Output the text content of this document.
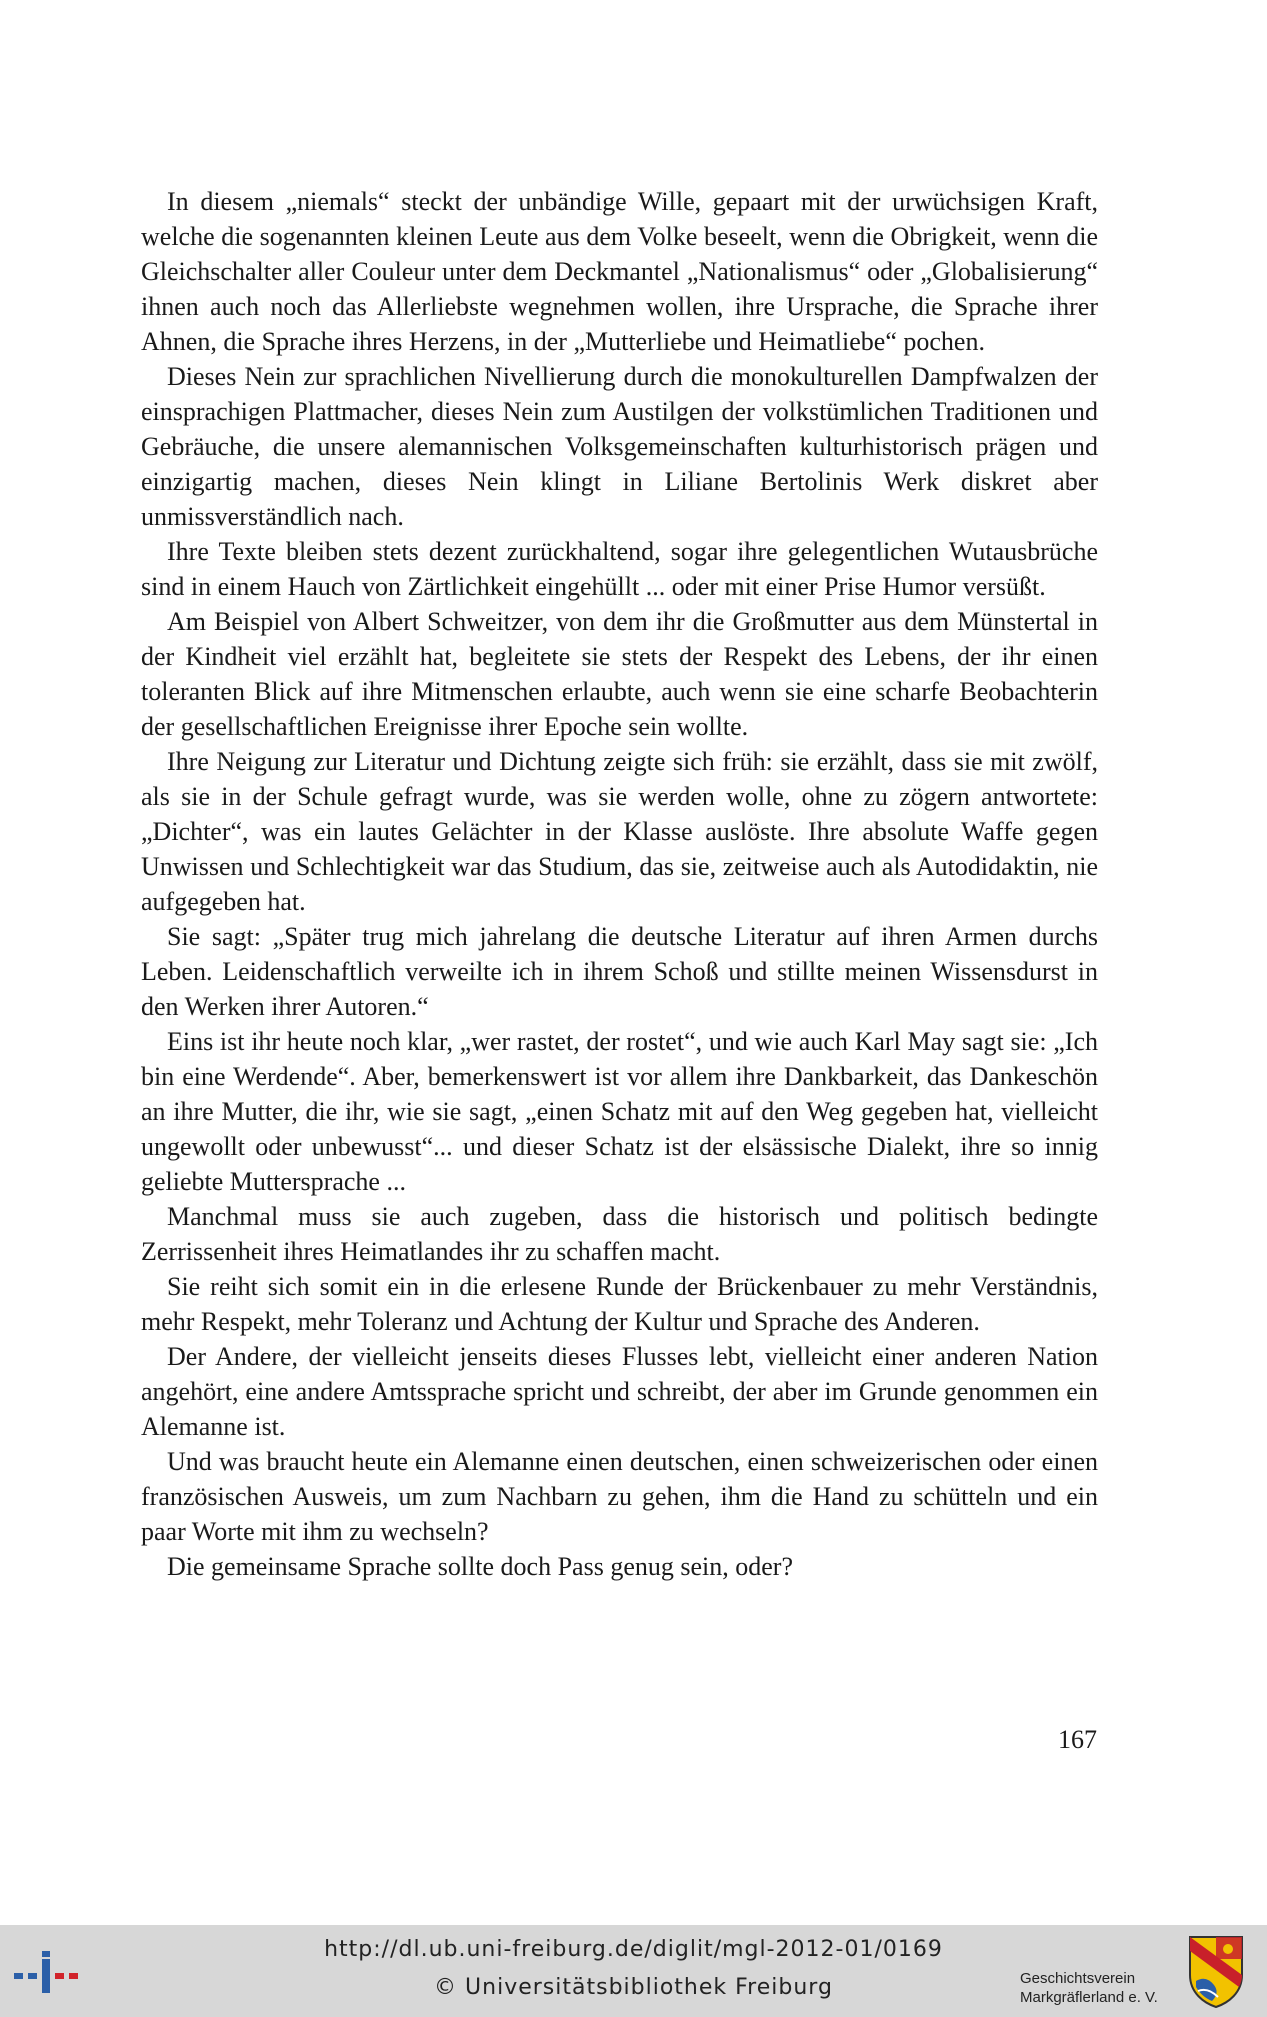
In diesem „niemals“ steckt der unbändige Wille, gepaart mit der urwüchsigen Kraft, welche die sogenannten kleinen Leute aus dem Volke beseelt, wenn die Obrigkeit, wenn die Gleichschalter aller Couleur unter dem Deckmantel „Nationalismus“ oder „Globalisierung“ ihnen auch noch das Allerliebste wegnehmen wollen, ihre Ursprache, die Sprache ihrer Ahnen, die Sprache ihres Herzens, in der „Mutterliebe und Heimatliebe“ pochen.

Dieses Nein zur sprachlichen Nivellierung durch die monokulturellen Dampfwalzen der einsprachigen Plattmacher, dieses Nein zum Austilgen der volkstümlichen Traditionen und Gebräuche, die unsere alemannischen Volksgemeinschaften kulturhistorisch prägen und einzigartig machen, dieses Nein klingt in Liliane Bertolinis Werk diskret aber unmissverständlich nach.

Ihre Texte bleiben stets dezent zurückhaltend, sogar ihre gelegentlichen Wutausbrüche sind in einem Hauch von Zärtlichkeit eingehüllt ... oder mit einer Prise Humor versüßt.

Am Beispiel von Albert Schweitzer, von dem ihr die Großmutter aus dem Münstertal in der Kindheit viel erzählt hat, begleitete sie stets der Respekt des Lebens, der ihr einen toleranten Blick auf ihre Mitmenschen erlaubte, auch wenn sie eine scharfe Beobachterin der gesellschaftlichen Ereignisse ihrer Epoche sein wollte.

Ihre Neigung zur Literatur und Dichtung zeigte sich früh: sie erzählt, dass sie mit zwölf, als sie in der Schule gefragt wurde, was sie werden wolle, ohne zu zögern antwortete: „Dichter“, was ein lautes Gelächter in der Klasse auslöste. Ihre absolute Waffe gegen Unwissen und Schlechtigkeit war das Studium, das sie, zeitweise auch als Autodidaktin, nie aufgegeben hat.

Sie sagt: „Später trug mich jahrelang die deutsche Literatur auf ihren Armen durchs Leben. Leidenschaftlich verweilte ich in ihrem Schoß und stillte meinen Wissensdurst in den Werken ihrer Autoren.“

Eins ist ihr heute noch klar, „wer rastet, der rostet“, und wie auch Karl May sagt sie: „Ich bin eine Werdende“. Aber, bemerkenswert ist vor allem ihre Dankbarkeit, das Dankeschön an ihre Mutter, die ihr, wie sie sagt, „einen Schatz mit auf den Weg gegeben hat, vielleicht ungewollt oder unbewusst“... und dieser Schatz ist der elsässische Dialekt, ihre so innig geliebte Muttersprache ...

Manchmal muss sie auch zugeben, dass die historisch und politisch bedingte Zerrissenheit ihres Heimatlandes ihr zu schaffen macht.

Sie reiht sich somit ein in die erlesene Runde der Brückenbauer zu mehr Verständnis, mehr Respekt, mehr Toleranz und Achtung der Kultur und Sprache des Anderen.

Der Andere, der vielleicht jenseits dieses Flusses lebt, vielleicht einer anderen Nation angehört, eine andere Amtssprache spricht und schreibt, der aber im Grunde genommen ein Alemanne ist.

Und was braucht heute ein Alemanne einen deutschen, einen schweizerischen oder einen französischen Ausweis, um zum Nachbarn zu gehen, ihm die Hand zu schütteln und ein paar Worte mit ihm zu wechseln?

Die gemeinsame Sprache sollte doch Pass genug sein, oder?

167
http://dl.ub.uni-freiburg.de/diglit/mgl-2012-01/0169
© Universitätsbibliothek Freiburg	Geschichtsverein
Markgräflerland e. V.
